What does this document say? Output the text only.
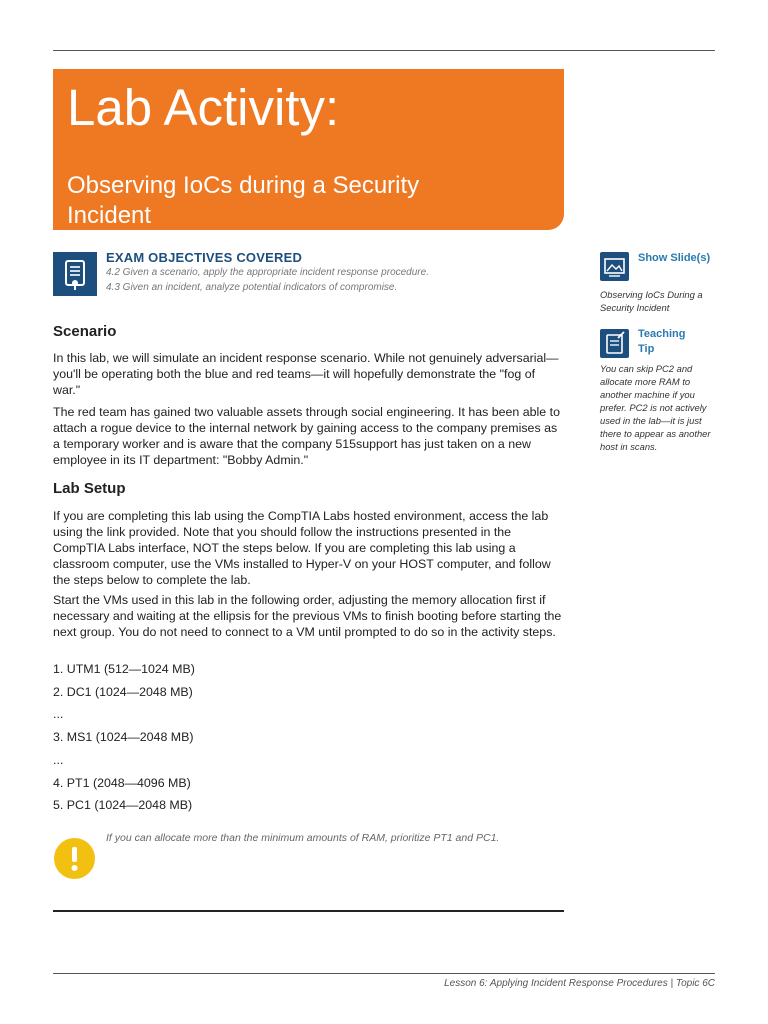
Lab Activity:
Observing IoCs during a Security
Incident
EXAM OBJECTIVES COVERED
4.2 Given a scenario, apply the appropriate incident response procedure.
4.3 Given an incident, analyze potential indicators of compromise.
Scenario

In this lab, we will simulate an incident response scenario. While not genuinely adversarial—you'll be operating both the blue and red teams—it will hopefully demonstrate the "fog of war."

The red team has gained two valuable assets through social engineering. It has been able to attach a rogue device to the internal network by gaining access to the company premises as a temporary worker and is aware that the company 515support has just taken on a new employee in its IT department: "Bobby Admin."

Lab Setup

If you are completing this lab using the CompTIA Labs hosted environment, access the lab using the link provided. Note that you should follow the instructions presented in the CompTIA Labs interface, NOT the steps below. If you are completing this lab using a classroom computer, use the VMs installed to Hyper-V on your HOST computer, and follow the steps below to complete the lab.

Start the VMs used in this lab in the following order, adjusting the memory allocation first if necessary and waiting at the ellipsis for the previous VMs to finish booting before starting the next group. You do not need to connect to a VM until prompted to do so in the activity steps.

1. UTM1 (512—1024 MB)
2. DC1 (1024—2048 MB)
...
3. MS1 (1024—2048 MB)
...
4. PT1 (2048—4096 MB)
5. PC1 (1024—2048 MB)
If you can allocate more than the minimum amounts of RAM, prioritize PT1 and PC1.
Show Slide(s)
Observing IoCs During a
Security Incident
Teaching
Tip

You can skip PC2 and allocate more RAM to another machine if you prefer. PC2 is not actively used in the lab—it is just there to appear as another host in scans.

Lesson 6: Applying Incident Response Procedures | Topic 6C
